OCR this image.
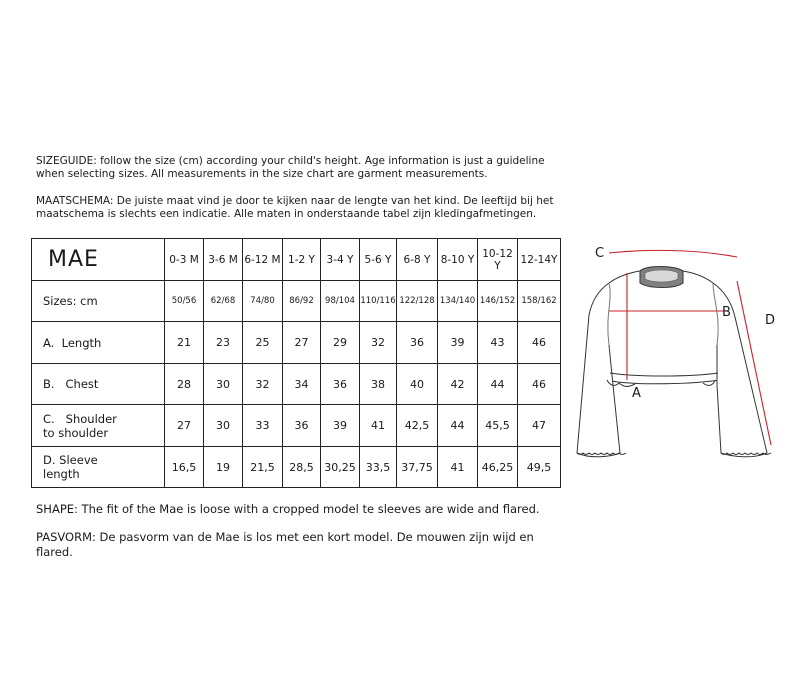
SIZEGUIDE: follow the size (cm) according your child's height. Age information is just a guideline when selecting sizes. All measurements in the size chart are garment measurements.

MAATSCHEMA: De juiste maat vind je door te kijken naar de lengte van het kind. De leeftijd bij het maatschema is slechts een indicatie. Alle maten in onderstaande tabel zijn kledingafmetingen.

MAE	0-3 M	3-6 M	6-12 M	1-2 Y	3-4 Y	5-6 Y	6-8 Y	8-10 Y	10-12 Y	12-14Y
Sizes: cm	50/56	62/68	74/80	86/92	98/104	110/116	122/128	134/140	146/152	158/162
A. Length	21	23	25	27	29	32	36	39	43	46
B. Chest	28	30	32	34	36	38	40	42	44	46
C. Shoulder
to shoulder	27	30	33	36	39	41	42,5	44	45,5	47
D. Sleeve
length	16,5	19	21,5	28,5	30,25	33,5	37,75	41	46,25	49,5
C
B
A
D

SHAPE: The fit of the Mae is loose with a cropped model te sleeves are wide and flared.

PASVORM: De pasvorm van de Mae is los met een kort model. De mouwen zijn wijd en flared.
